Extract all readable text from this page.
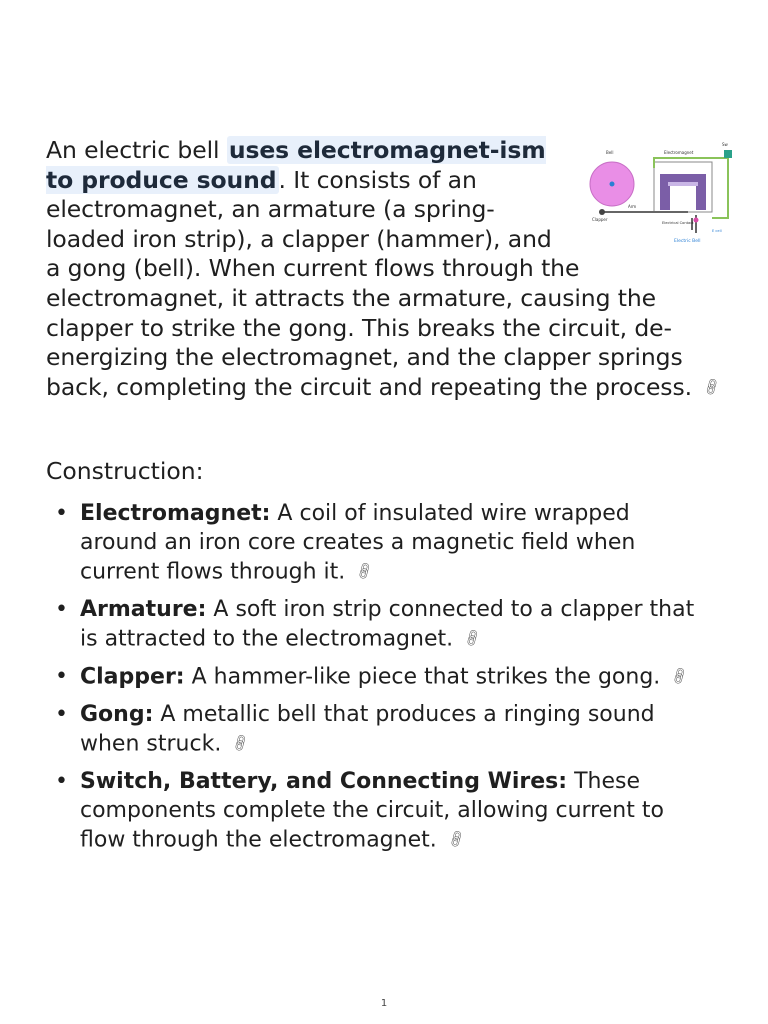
Bell	Electromagnet
Sw
Clapper
Arm
Electrical Contact
E cell
Electric Bell

An electric bell uses electromagnet-ism to produce sound. It consists of an electromagnet, an armature (a spring-loaded iron strip), a clapper (hammer), and a gong (bell). When current flows through the electromagnet, it attracts the armature, causing the clapper to strike the gong. This breaks the circuit, de-energizing the electromagnet, and the clapper springs back, completing the circuit and repeating the process. 🔗︎

Construction:
• Electromagnet: A coil of insulated wire wrapped around an iron core creates a magnetic field when current flows through it. 🔗︎
• Armature: A soft iron strip connected to a clapper that is attracted to the electromagnet. 🔗︎
• Clapper: A hammer-like piece that strikes the gong. 🔗︎
• Gong: A metallic bell that produces a ringing sound when struck. 🔗︎
• Switch, Battery, and Connecting Wires: These components complete the circuit, allowing current to flow through the electromagnet. 🔗︎
1
